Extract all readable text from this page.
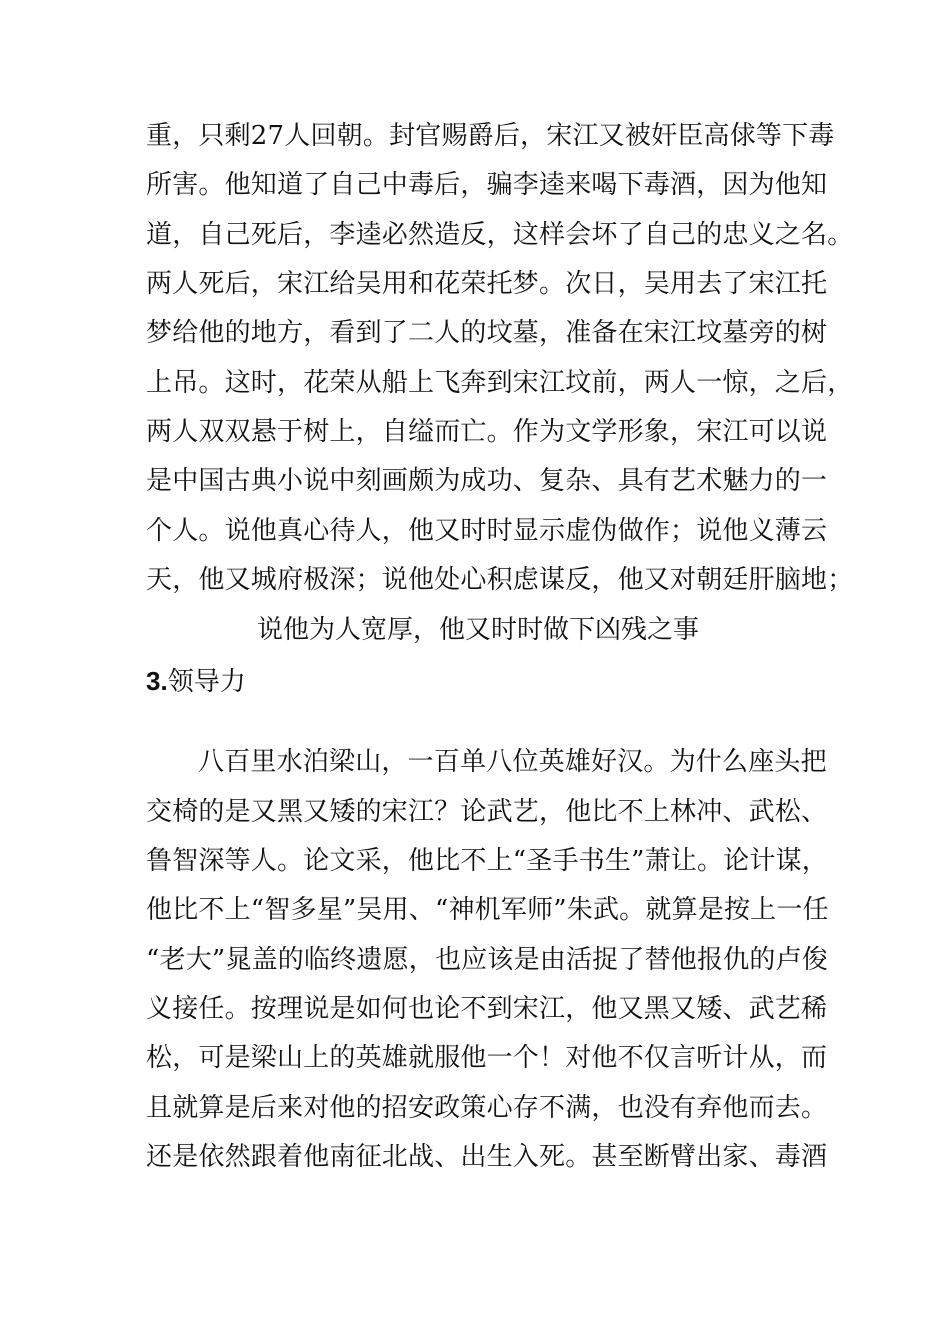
重，只剩27人回朝。封官赐爵后，宋江又被奸臣高俅等下毒
所害。他知道了自己中毒后，骗李逵来喝下毒酒，因为他知
道，自己死后，李逵必然造反，这样会坏了自己的忠义之名。
两人死后，宋江给吴用和花荣托梦。次日，吴用去了宋江托
梦给他的地方，看到了二人的坟墓，准备在宋江坟墓旁的树
上吊。这时，花荣从船上飞奔到宋江坟前，两人一惊，之后，
两人双双悬于树上，自缢而亡。作为文学形象，宋江可以说
是中国古典小说中刻画颇为成功、复杂、具有艺术魅力的一
个人。说他真心待人，他又时时显示虚伪做作；说他义薄云
天，他又城府极深；说他处心积虑谋反，他又对朝廷肝脑地；
说他为人宽厚，他又时时做下凶残之事
3.领导力
八百里水泊梁山，一百单八位英雄好汉。为什么座头把
交椅的是又黑又矮的宋江？论武艺，他比不上林冲、武松、
鲁智深等人。论文采，他比不上“圣手书生”萧让。论计谋，
他比不上“智多星”吴用、“神机军师”朱武。就算是按上一任
“老大”晁盖的临终遗愿，也应该是由活捉了替他报仇的卢俊
义接任。按理说是如何也论不到宋江，他又黑又矮、武艺稀
松，可是梁山上的英雄就服他一个！对他不仅言听计从，而
且就算是后来对他的招安政策心存不满，也没有弃他而去。
还是依然跟着他南征北战、出生入死。甚至断臂出家、毒酒
